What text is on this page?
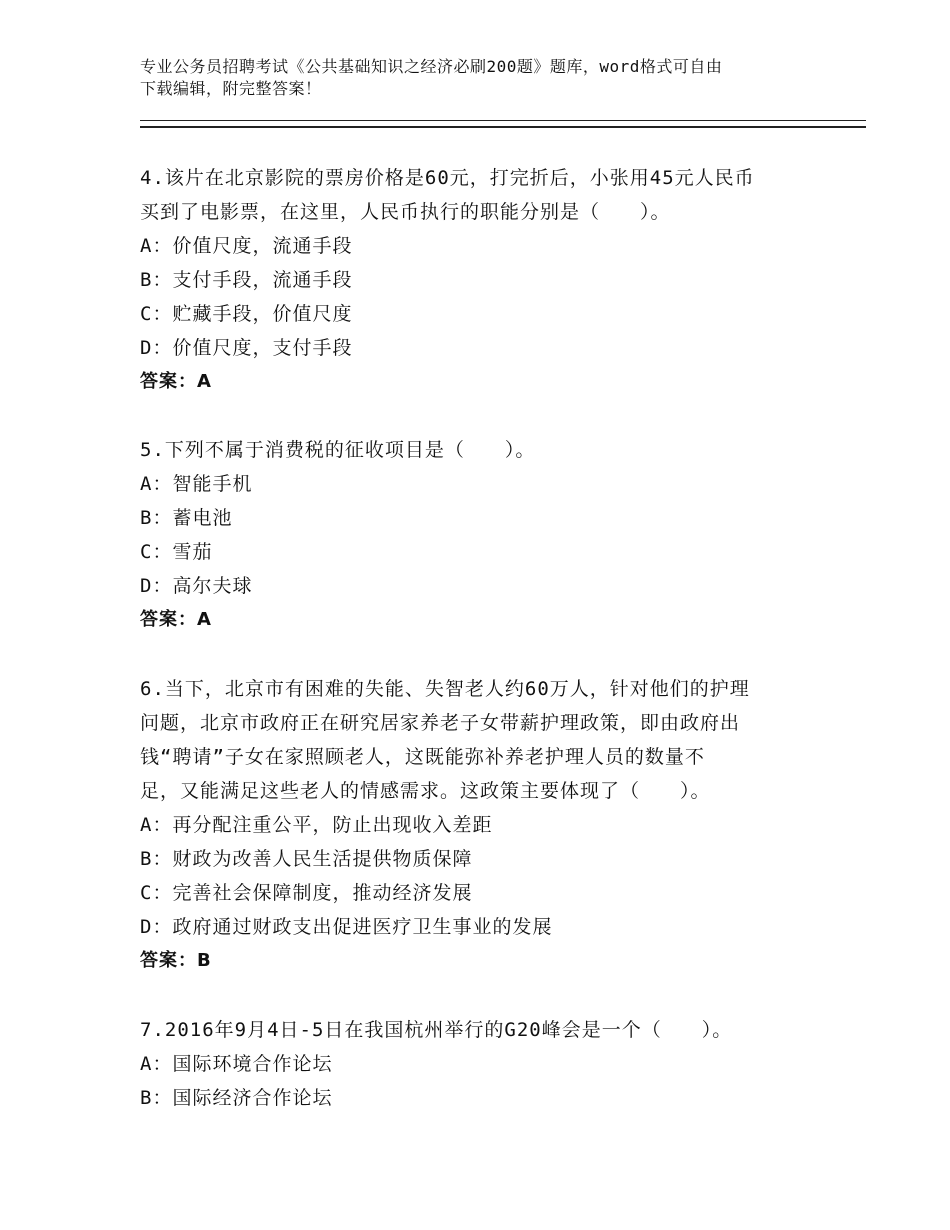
专业公务员招聘考试《公共基础知识之经济必刷200题》题库，word格式可自由
下载编辑，附完整答案！
4.该片在北京影院的票房价格是60元，打完折后，小张用45元人民币
买到了电影票，在这里，人民币执行的职能分别是（　　）。
A：价值尺度，流通手段
B：支付手段，流通手段
C：贮藏手段，价值尺度
D：价值尺度，支付手段
答案：A
5.下列不属于消费税的征收项目是（　　）。
A：智能手机
B：蓄电池
C：雪茄
D：高尔夫球
答案：A
6.当下，北京市有困难的失能、失智老人约60万人，针对他们的护理
问题，北京市政府正在研究居家养老子女带薪护理政策，即由政府出
钱“聘请”子女在家照顾老人，这既能弥补养老护理人员的数量不
足，又能满足这些老人的情感需求。这政策主要体现了（　　）。
A：再分配注重公平，防止出现收入差距
B：财政为改善人民生活提供物质保障
C：完善社会保障制度，推动经济发展
D：政府通过财政支出促进医疗卫生事业的发展
答案：B
7.2016年9月4日-5日在我国杭州举行的G20峰会是一个（　　）。
A：国际环境合作论坛
B：国际经济合作论坛
